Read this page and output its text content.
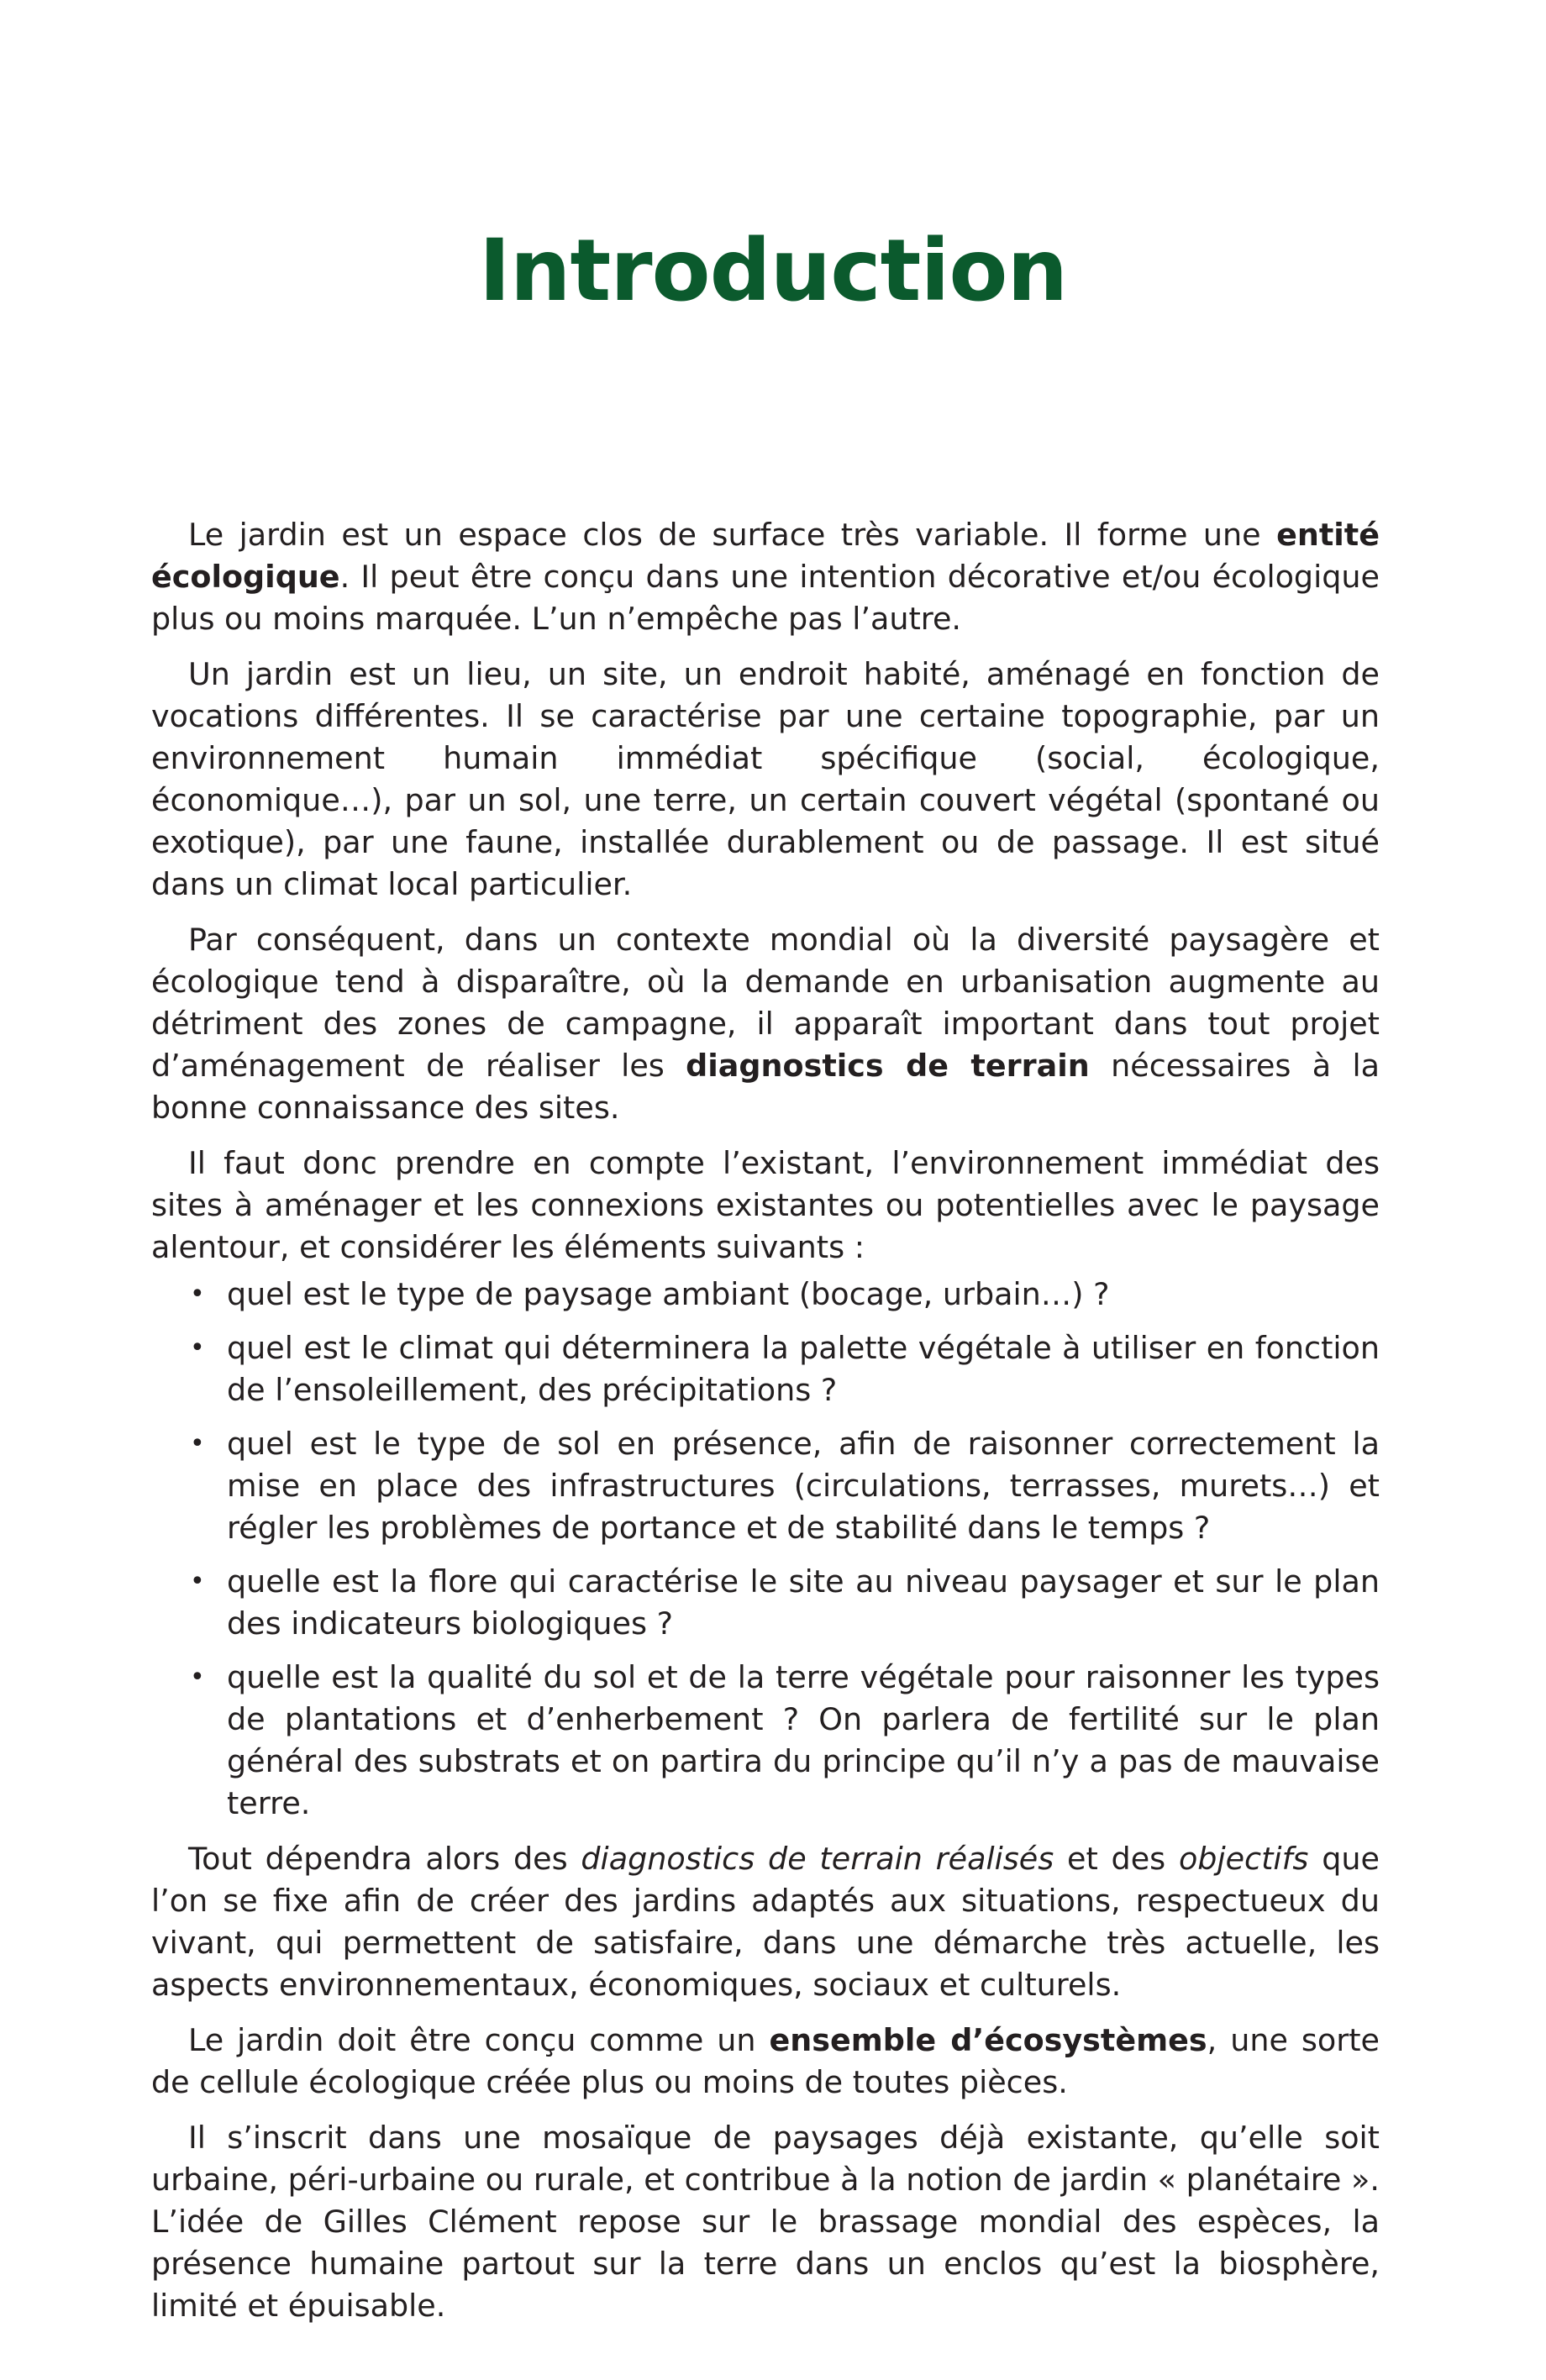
Introduction

Le jardin est un espace clos de surface très variable. Il forme une entité écologique. Il peut être conçu dans une intention décorative et/ou écologique plus ou moins marquée. L’un n’empêche pas l’autre.

Un jardin est un lieu, un site, un endroit habité, aménagé en fonction de vocations différentes. Il se caractérise par une certaine topographie, par un environnement humain immédiat spécifique (social, écologique, économique…), par un sol, une terre, un certain couvert végétal (spontané ou exotique), par une faune, installée durablement ou de passage. Il est situé dans un climat local particulier.

Par conséquent, dans un contexte mondial où la diversité paysagère et écologique tend à disparaître, où la demande en urbanisation augmente au détriment des zones de campagne, il apparaît important dans tout projet d’aménagement de réaliser les diagnostics de terrain nécessaires à la bonne connaissance des sites.

Il faut donc prendre en compte l’existant, l’environnement immédiat des sites à aménager et les connexions existantes ou potentielles avec le paysage alentour, et considérer les éléments suivants :

• quel est le type de paysage ambiant (bocage, urbain…) ?
• quel est le climat qui déterminera la palette végétale à utiliser en fonction de l’ensoleillement, des précipitations ?
• quel est le type de sol en présence, afin de raisonner correctement la mise en place des infrastructures (circulations, terrasses, murets…) et régler les problèmes de portance et de stabilité dans le temps ?
• quelle est la flore qui caractérise le site au niveau paysager et sur le plan des indicateurs biologiques ?
• quelle est la qualité du sol et de la terre végétale pour raisonner les types de plantations et d’enherbement ? On parlera de fertilité sur le plan général des substrats et on partira du principe qu’il n’y a pas de mauvaise terre.

Tout dépendra alors des diagnostics de terrain réalisés et des objectifs que l’on se fixe afin de créer des jardins adaptés aux situations, respectueux du vivant, qui permettent de satisfaire, dans une démarche très actuelle, les aspects environnementaux, économiques, sociaux et culturels.

Le jardin doit être conçu comme un ensemble d’écosystèmes, une sorte de cellule écologique créée plus ou moins de toutes pièces.

Il s’inscrit dans une mosaïque de paysages déjà existante, qu’elle soit urbaine, péri-urbaine ou rurale, et contribue à la notion de jardin « planétaire ». L’idée de Gilles Clément repose sur le brassage mondial des espèces, la présence humaine partout sur la terre dans un enclos qu’est la biosphère, limité et épuisable.
